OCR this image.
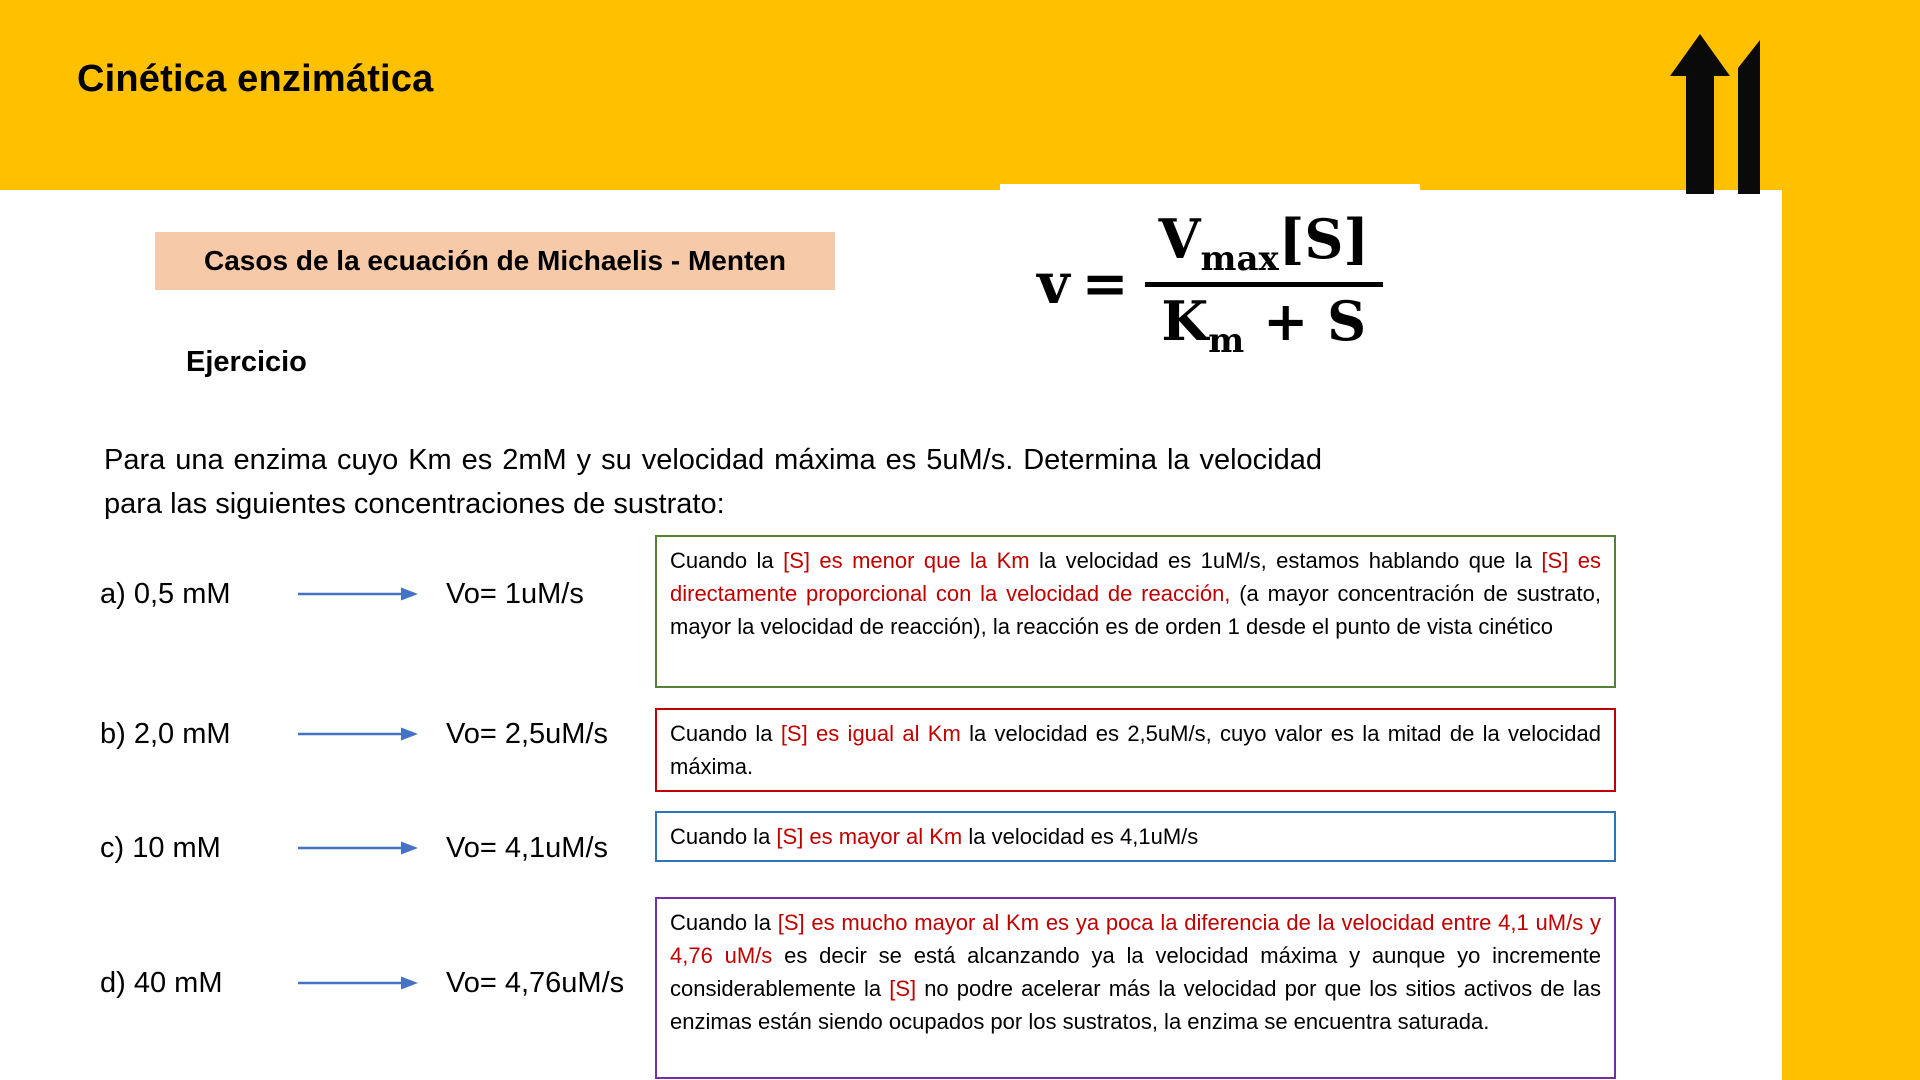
Cinética enzimática
$v = \frac{V_{max}[S]}{K_m + S}$
Casos de la ecuación de Michaelis - Menten
Ejercicio

Para una enzima cuyo Km es 2mM y su velocidad máxima es 5uM/s. Determina la velocidad para las siguientes concentraciones de sustrato:

a) 0,5 mM	Vo= 1uM/s
b) 2,0 mM	Vo= 2,5uM/s
c) 10 mM	Vo= 4,1uM/s
d) 40 mM	Vo= 4,76uM/s
Cuando la [S] es menor que la Km la velocidad es 1uM/s, estamos hablando que la [S] es directamente proporcional con la velocidad de reacción, (a mayor concentración de sustrato, mayor la velocidad de reacción), la reacción es de orden 1 desde el punto de vista cinético
Cuando la [S] es igual al Km la velocidad es 2,5uM/s, cuyo valor es la mitad de la velocidad máxima.
Cuando la [S] es mayor al Km la velocidad es 4,1uM/s
Cuando la [S] es mucho mayor al Km es ya poca la diferencia de la velocidad entre 4,1 uM/s y 4,76 uM/s es decir se está alcanzando ya la velocidad máxima y aunque yo incremente considerablemente la [S] no podre acelerar más la velocidad por que los sitios activos de las enzimas están siendo ocupados por los sustratos, la enzima se encuentra saturada.
